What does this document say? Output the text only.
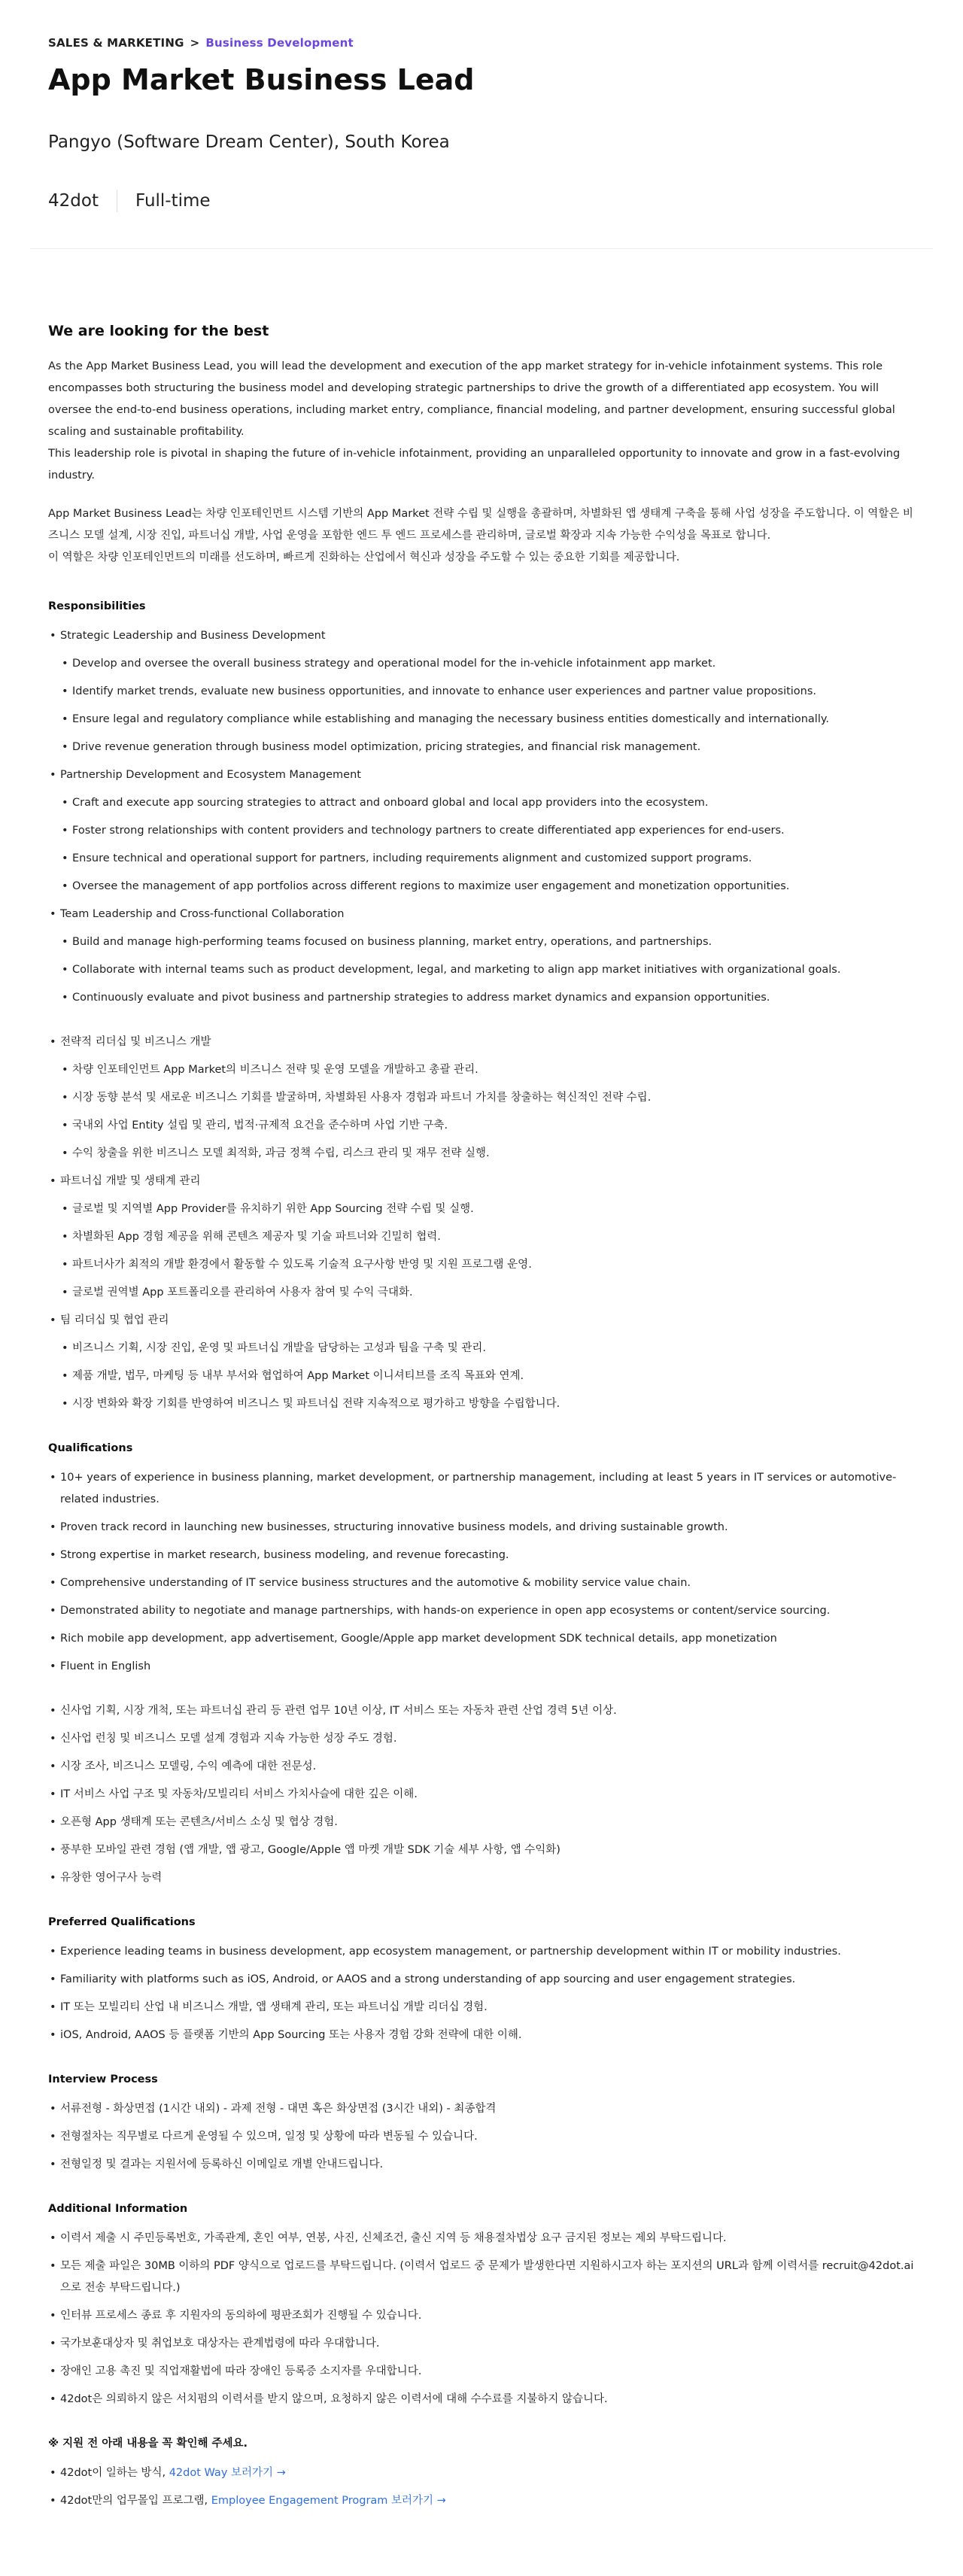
SALES & MARKETING > Business Development
App Market Business Lead
Pangyo (Software Dream Center), South Korea
42dot Full-time
We are looking for the best

As the App Market Business Lead, you will lead the development and execution of the app market strategy for in-vehicle infotainment systems. This role encompasses both structuring the business model and developing strategic partnerships to drive the growth of a differentiated app ecosystem. You will oversee the end-to-end business operations, including market entry, compliance, financial modeling, and partner development, ensuring successful global scaling and sustainable profitability.

This leadership role is pivotal in shaping the future of in-vehicle infotainment, providing an unparalleled opportunity to innovate and grow in a fast-evolving industry.

App Market Business Lead는 차량 인포테인먼트 시스템 기반의 App Market 전략 수립 및 실행을 총괄하며, 차별화된 앱 생태계 구축을 통해 사업 성장을 주도합니다. 이 역할은 비즈니스 모델 설계, 시장 진입, 파트너십 개발, 사업 운영을 포함한 엔드 투 엔드 프로세스를 관리하며, 글로벌 확장과 지속 가능한 수익성을 목표로 합니다.

이 역할은 차량 인포테인먼트의 미래를 선도하며, 빠르게 진화하는 산업에서 혁신과 성장을 주도할 수 있는 중요한 기회를 제공합니다.

Responsibilities
• Strategic Leadership and Business Development
• Develop and oversee the overall business strategy and operational model for the in-vehicle infotainment app market.
• Identify market trends, evaluate new business opportunities, and innovate to enhance user experiences and partner value propositions.
• Ensure legal and regulatory compliance while establishing and managing the necessary business entities domestically and internationally.
• Drive revenue generation through business model optimization, pricing strategies, and financial risk management.
• Partnership Development and Ecosystem Management
• Craft and execute app sourcing strategies to attract and onboard global and local app providers into the ecosystem.
• Foster strong relationships with content providers and technology partners to create differentiated app experiences for end-users.
• Ensure technical and operational support for partners, including requirements alignment and customized support programs.
• Oversee the management of app portfolios across different regions to maximize user engagement and monetization opportunities.
• Team Leadership and Cross-functional Collaboration
• Build and manage high-performing teams focused on business planning, market entry, operations, and partnerships.
• Collaborate with internal teams such as product development, legal, and marketing to align app market initiatives with organizational goals.
• Continuously evaluate and pivot business and partnership strategies to address market dynamics and expansion opportunities.
• 전략적 리더십 및 비즈니스 개발
• 차량 인포테인먼트 App Market의 비즈니스 전략 및 운영 모델을 개발하고 총괄 관리.
• 시장 동향 분석 및 새로운 비즈니스 기회를 발굴하며, 차별화된 사용자 경험과 파트너 가치를 창출하는 혁신적인 전략 수립.
• 국내외 사업 Entity 설립 및 관리, 법적·규제적 요건을 준수하며 사업 기반 구축.
• 수익 창출을 위한 비즈니스 모델 최적화, 과금 정책 수립, 리스크 관리 및 재무 전략 실행.
• 파트너십 개발 및 생태계 관리
• 글로벌 및 지역별 App Provider를 유치하기 위한 App Sourcing 전략 수립 및 실행.
• 차별화된 App 경험 제공을 위해 콘텐츠 제공자 및 기술 파트너와 긴밀히 협력.
• 파트너사가 최적의 개발 환경에서 활동할 수 있도록 기술적 요구사항 반영 및 지원 프로그램 운영.
• 글로벌 권역별 App 포트폴리오를 관리하여 사용자 참여 및 수익 극대화.
• 팀 리더십 및 협업 관리
• 비즈니스 기획, 시장 진입, 운영 및 파트너십 개발을 담당하는 고성과 팀을 구축 및 관리.
• 제품 개발, 법무, 마케팅 등 내부 부서와 협업하여 App Market 이니셔티브를 조직 목표와 연계.
• 시장 변화와 확장 기회를 반영하여 비즈니스 및 파트너십 전략 지속적으로 평가하고 방향을 수립합니다.
Qualifications
• 10+ years of experience in business planning, market development, or partnership management, including at least 5 years in IT services or automotive-related industries.
• Proven track record in launching new businesses, structuring innovative business models, and driving sustainable growth.
• Strong expertise in market research, business modeling, and revenue forecasting.
• Comprehensive understanding of IT service business structures and the automotive & mobility service value chain.
• Demonstrated ability to negotiate and manage partnerships, with hands-on experience in open app ecosystems or content/service sourcing.
• Rich mobile app development, app advertisement, Google/Apple app market development SDK technical details, app monetization
• Fluent in English
• 신사업 기획, 시장 개척, 또는 파트너십 관리 등 관련 업무 10년 이상, IT 서비스 또는 자동차 관련 산업 경력 5년 이상.
• 신사업 런칭 및 비즈니스 모델 설계 경험과 지속 가능한 성장 주도 경험.
• 시장 조사, 비즈니스 모델링, 수익 예측에 대한 전문성.
• IT 서비스 사업 구조 및 자동차/모빌리티 서비스 가치사슬에 대한 깊은 이해.
• 오픈형 App 생태계 또는 콘텐츠/서비스 소싱 및 협상 경험.
• 풍부한 모바일 관련 경험 (앱 개발, 앱 광고, Google/Apple 앱 마켓 개발 SDK 기술 세부 사항, 앱 수익화)
• 유창한 영어구사 능력
Preferred Qualifications
• Experience leading teams in business development, app ecosystem management, or partnership development within IT or mobility industries.
• Familiarity with platforms such as iOS, Android, or AAOS and a strong understanding of app sourcing and user engagement strategies.
• IT 또는 모빌리티 산업 내 비즈니스 개발, 앱 생태계 관리, 또는 파트너십 개발 리더십 경험.
• iOS, Android, AAOS 등 플랫폼 기반의 App Sourcing 또는 사용자 경험 강화 전략에 대한 이해.
Interview Process
• 서류전형 - 화상면접 (1시간 내외) - 과제 전형 - 대면 혹은 화상면접 (3시간 내외) - 최종합격
• 전형절차는 직무별로 다르게 운영될 수 있으며, 일정 및 상황에 따라 변동될 수 있습니다.
• 전형일정 및 결과는 지원서에 등록하신 이메일로 개별 안내드립니다.
Additional Information
• 이력서 제출 시 주민등록번호, 가족관계, 혼인 여부, 연봉, 사진, 신체조건, 출신 지역 등 채용절차법상 요구 금지된 정보는 제외 부탁드립니다.
• 모든 제출 파일은 30MB 이하의 PDF 양식으로 업로드를 부탁드립니다. (이력서 업로드 중 문제가 발생한다면 지원하시고자 하는 포지션의 URL과 함께 이력서를 recruit@42dot.ai으로 전송 부탁드립니다.)
• 인터뷰 프로세스 종료 후 지원자의 동의하에 평판조회가 진행될 수 있습니다.
• 국가보훈대상자 및 취업보호 대상자는 관계법령에 따라 우대합니다.
• 장애인 고용 촉진 및 직업재활법에 따라 장애인 등록증 소지자를 우대합니다.
• 42dot은 의뢰하지 않은 서치펌의 이력서를 받지 않으며, 요청하지 않은 이력서에 대해 수수료를 지불하지 않습니다.
※ 지원 전 아래 내용을 꼭 확인해 주세요.
• 42dot이 일하는 방식, 42dot Way 보러가기 →
• 42dot만의 업무몰입 프로그램, Employee Engagement Program 보러가기 →
